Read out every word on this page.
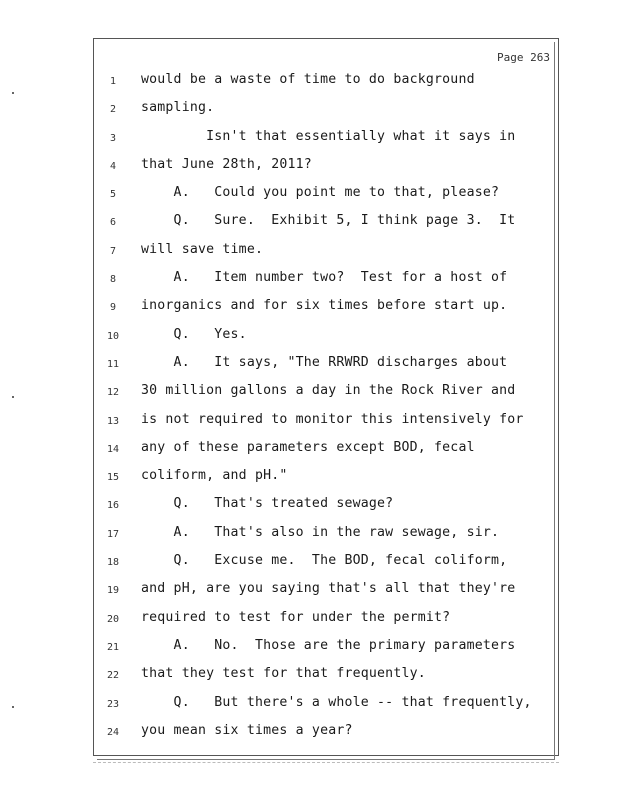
Page 263
1	would be a waste of time to do background
2	sampling.
3	Isn't that essentially what it says in
4	that June 28th, 2011?
5	A.   Could you point me to that, please?
6	Q.   Sure.  Exhibit 5, I think page 3.  It
7	will save time.
8	A.   Item number two?  Test for a host of
9	inorganics and for six times before start up.
10	Q.   Yes.
11	A.   It says, "The RRWRD discharges about
12	30 million gallons a day in the Rock River and
13	is not required to monitor this intensively for
14	any of these parameters except BOD, fecal
15	coliform, and pH."
16	Q.   That's treated sewage?
17	A.   That's also in the raw sewage, sir.
18	Q.   Excuse me.  The BOD, fecal coliform,
19	and pH, are you saying that's all that they're
20	required to test for under the permit?
21	A.   No.  Those are the primary parameters
22	that they test for that frequently.
23	Q.   But there's a whole -- that frequently,
24	you mean six times a year?
